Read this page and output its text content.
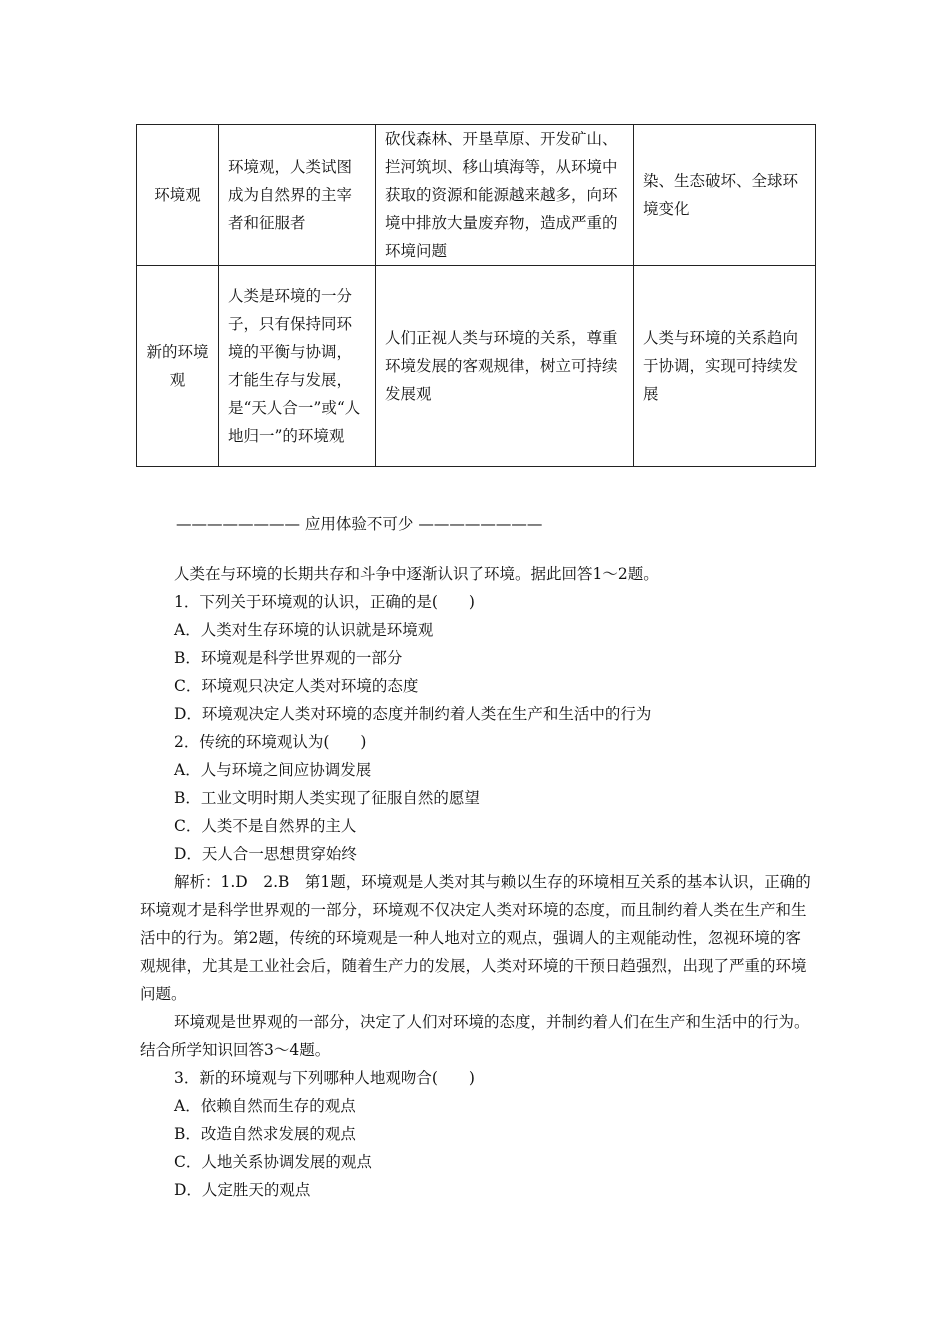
环境观	环境观，人类试图成为自然界的主宰者和征服者	砍伐森林、开垦草原、开发矿山、拦河筑坝、移山填海等，从环境中获取的资源和能源越来越多，向环境中排放大量废弃物，造成严重的环境问题	染、生态破坏、全球环境变化

新的环境观	人类是环境的一分子，只有保持同环境的平衡与协调，才能生存与发展，是“天人合一”或“人地归一”的环境观	人们正视人类与环境的关系，尊重环境发展的客观规律，树立可持续发展观	人类与环境的关系趋向于协调，实现可持续发展
———————— 应用体验不可少 ————————

人类在与环境的长期共存和斗争中逐渐认识了环境。据此回答1～2题。

1．下列关于环境观的认识，正确的是(　　)

A．人类对生存环境的认识就是环境观

B．环境观是科学世界观的一部分

C．环境观只决定人类对环境的态度

D．环境观决定人类对环境的态度并制约着人类在生产和生活中的行为

2．传统的环境观认为(　　)

A．人与环境之间应协调发展

B．工业文明时期人类实现了征服自然的愿望

C．人类不是自然界的主人

D．天人合一思想贯穿始终

解析：1.D　2.B　第1题，环境观是人类对其与赖以生存的环境相互关系的基本认识，正确的环境观才是科学世界观的一部分，环境观不仅决定人类对环境的态度，而且制约着人类在生产和生活中的行为。第2题，传统的环境观是一种人地对立的观点，强调人的主观能动性，忽视环境的客观规律，尤其是工业社会后，随着生产力的发展，人类对环境的干预日趋强烈，出现了严重的环境问题。

环境观是世界观的一部分，决定了人们对环境的态度，并制约着人们在生产和生活中的行为。结合所学知识回答3～4题。

3．新的环境观与下列哪种人地观吻合(　　)

A．依赖自然而生存的观点

B．改造自然求发展的观点

C．人地关系协调发展的观点

D．人定胜天的观点
